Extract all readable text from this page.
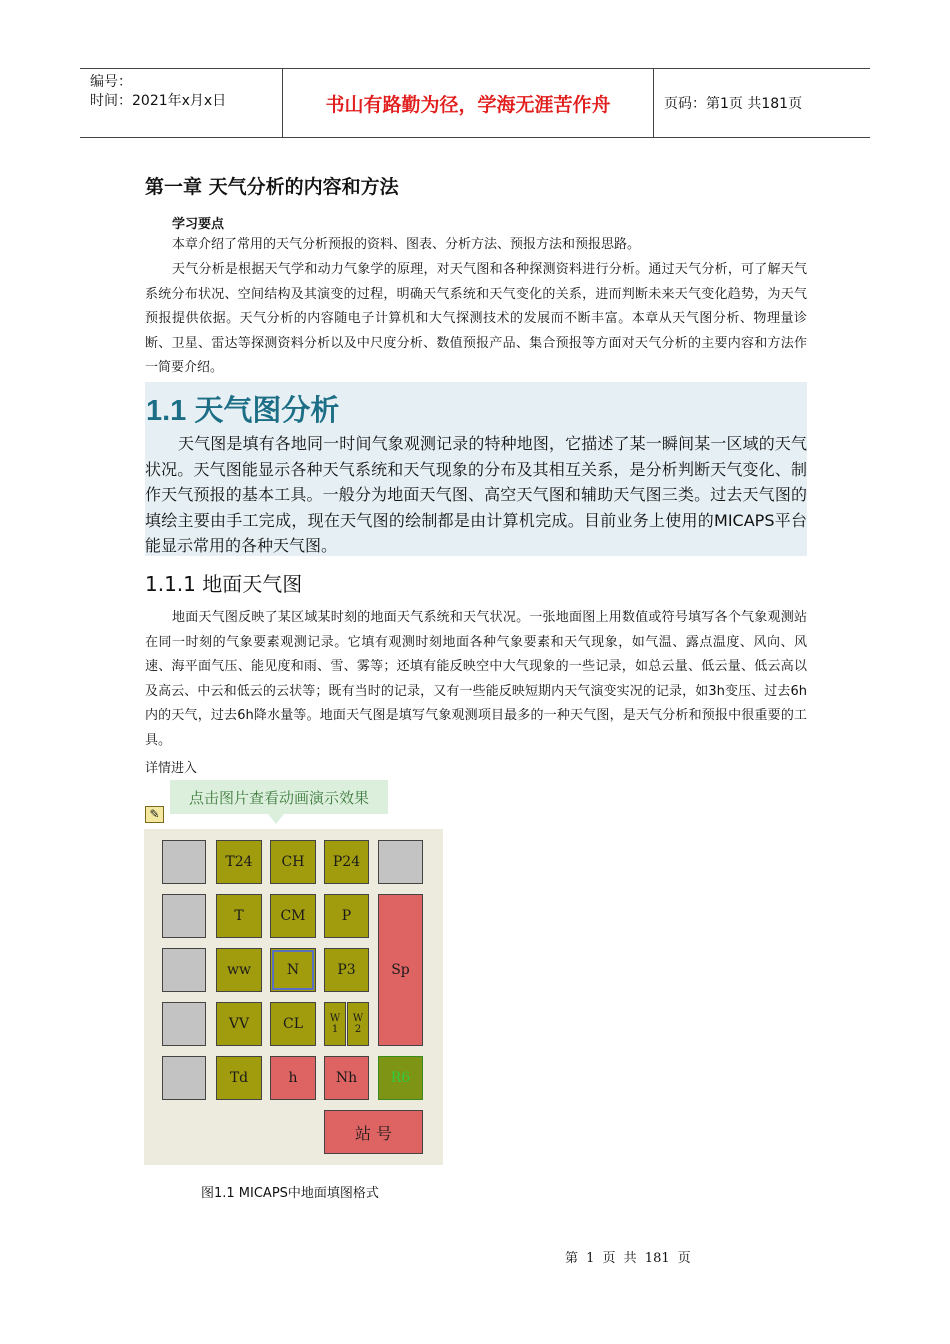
编号：
时间：2021年x月x日	书山有路勤为径，学海无涯苦作舟	页码：第1页 共181页
第一章 天气分析的内容和方法
学习要点
本章介绍了常用的天气分析预报的资料、图表、分析方法、预报方法和预报思路。
天气分析是根据天气学和动力气象学的原理，对天气图和各种探测资料进行分析。通过天气分析，可了解天气系统分布状况、空间结构及其演变的过程，明确天气系统和天气变化的关系，进而判断未来天气变化趋势，为天气预报提供依据。天气分析的内容随电子计算机和大气探测技术的发展而不断丰富。本章从天气图分析、物理量诊断、卫星、雷达等探测资料分析以及中尺度分析、数值预报产品、集合预报等方面对天气分析的主要内容和方法作一简要介绍。
1.1 天气图分析
天气图是填有各地同一时间气象观测记录的特种地图，它描述了某一瞬间某一区域的天气状况。天气图能显示各种天气系统和天气现象的分布及其相互关系，是分析判断天气变化、制作天气预报的基本工具。一般分为地面天气图、高空天气图和辅助天气图三类。过去天气图的填绘主要由手工完成，现在天气图的绘制都是由计算机完成。目前业务上使用的MICAPS平台能显示常用的各种天气图。
1.1.1 地面天气图
地面天气图反映了某区域某时刻的地面天气系统和天气状况。一张地面图上用数值或符号填写各个气象观测站在同一时刻的气象要素观测记录。它填有观测时刻地面各种气象要素和天气现象，如气温、露点温度、风向、风速、海平面气压、能见度和雨、雪、雾等；还填有能反映空中大气现象的一些记录，如总云量、低云量、低云高以及高云、中云和低云的云状等；既有当时的记录，又有一些能反映短期内天气演变实况的记录，如3h变压、过去6h内的天气，过去6h降水量等。地面天气图是填写气象观测项目最多的一种天气图，是天气分析和预报中很重要的工具。
详情进入
点击图片查看动画演示效果
✎
T24	CH	P24
T	CM	P
Sp
ww	N	P3
VV	CL	W
1
W
2
Td	h	Nh	R6
站 号
图1.1 MICAPS中地面填图格式
第 1 页 共 181 页
